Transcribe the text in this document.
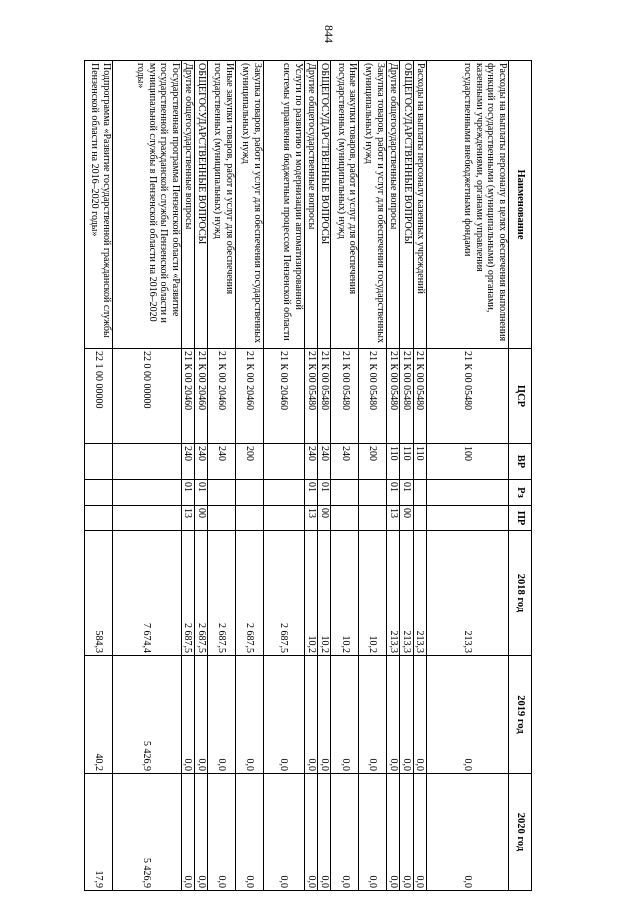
844
Наименование	ЦСР	ВР	Рз	ПР	2018 год	2019 год	2020 год
Расходы на выплаты персоналу в целях обеспечения выполнения функций государственными (муниципальными) органами, казенными учреждениями, органами управления государственными внебюджетными фондами	21 К 00 05480	100			213,3	0,0	0,0
Расходы на выплаты персоналу казенных учреждений	21 К 00 05480	110			213,3	0,0	0,0
ОБЩЕГОСУДАРСТВЕННЫЕ ВОПРОСЫ	21 К 00 05480	110	01	00	213,3	0,0	0,0
Другие общегосударственные вопросы	21 К 00 05480	110	01	13	213,3	0,0	0,0
Закупка товаров, работ и услуг для обеспечения государственных (муниципальных) нужд	21 К 00 05480	200			10,2	0,0	0,0
Иные закупки товаров, работ и услуг для обеспечения государственных (муниципальных) нужд	21 К 00 05480	240			10,2	0,0	0,0
ОБЩЕГОСУДАРСТВЕННЫЕ ВОПРОСЫ	21 К 00 05480	240	01	00	10,2	0,0	0,0
Другие общегосударственные вопросы	21 К 00 05480	240	01	13	10,2	0,0	0,0
Услуги по развитию и модернизации автоматизированной системы управления бюджетным процессом Пензенской области	21 К 00 20460				2 687,5	0,0	0,0
Закупка товаров, работ и услуг для обеспечения государственных (муниципальных) нужд	21 К 00 20460	200			2 687,5	0,0	0,0
Иные закупки товаров, работ и услуг для обеспечения государственных (муниципальных) нужд	21 К 00 20460	240			2 687,5	0,0	0,0
ОБЩЕГОСУДАРСТВЕННЫЕ ВОПРОСЫ	21 К 00 20460	240	01	00	2 687,5	0,0	0,0
Другие общегосударственные вопросы	21 К 00 20460	240	01	13	2 687,5	0,0	0,0
Государственная программа Пензенской области «Развитие государственной гражданской службы Пензенской области и муниципальной службы в Пензенской области на 2016–2020 годы»	22 0 00 00000				7 674,4	5 426,9	5 426,9
Подпрограмма «Развитие государственной гражданской службы Пензенской области на 2016–2020 годы»	22 1 00 00000				584,3	40,2	17,9
